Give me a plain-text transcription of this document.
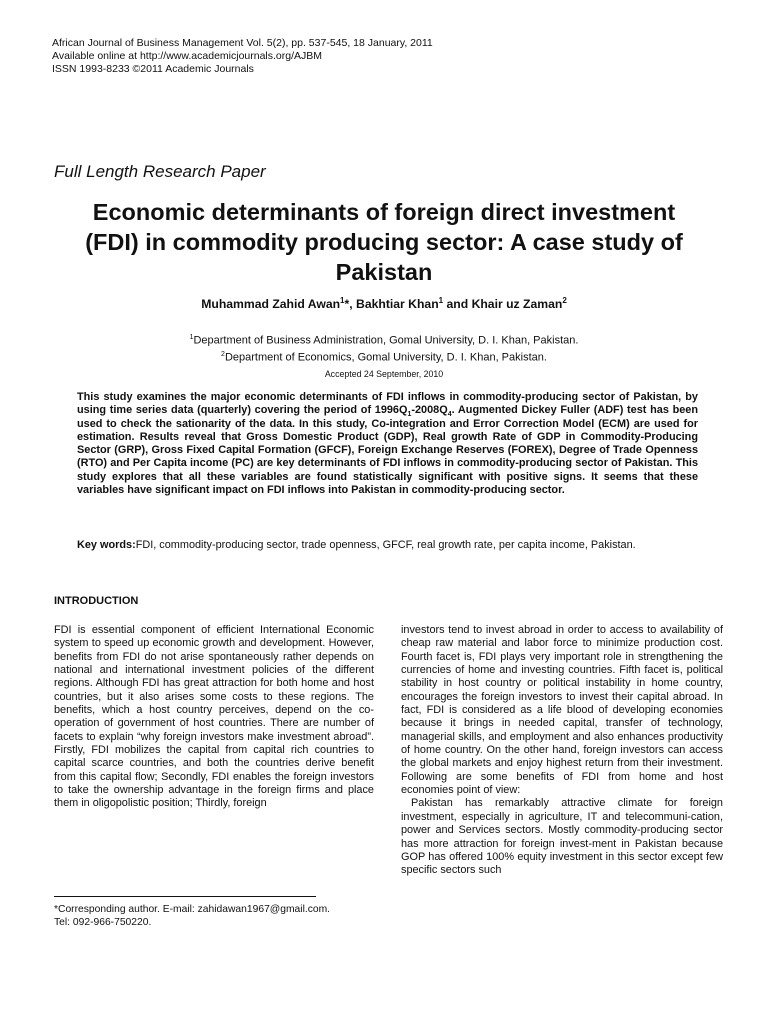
African Journal of Business Management Vol. 5(2), pp. 537-545, 18 January, 2011
Available online at http://www.academicjournals.org/AJBM
ISSN 1993-8233 ©2011 Academic Journals
Full Length Research Paper
Economic determinants of foreign direct investment
(FDI) in commodity producing sector: A case study of
Pakistan
Muhammad Zahid Awan$^1$*, Bakhtiar Khan$^1$ and Khair uz Zaman$^2$
$^1$Department of Business Administration, Gomal University, D. I. Khan, Pakistan.
$^2$Department of Economics, Gomal University, D. I. Khan, Pakistan.
Accepted 24 September, 2010
This study examines the major economic determinants of FDI inflows in commodity-producing sector of Pakistan, by using time series data (quarterly) covering the period of $1996Q_1-2008Q_4$. Augmented Dickey Fuller (ADF) test has been used to check the sationarity of the data. In this study, Co-integration and Error Correction Model (ECM) are used for estimation. Results reveal that Gross Domestic Product (GDP), Real growth Rate of GDP in Commodity-Producing Sector (GRP), Gross Fixed Capital Formation (GFCF), Foreign Exchange Reserves (FOREX), Degree of Trade Openness (RTO) and Per Capita income (PC) are key determinants of FDI inflows in commodity-producing sector of Pakistan. This study explores that all these variables are found statistically significant with positive signs. It seems that these variables have significant impact on FDI inflows into Pakistan in commodity-producing sector.
Key words:FDI, commodity-producing sector, trade openness, GFCF, real growth rate, per capita income, Pakistan.
INTRODUCTION

FDI is essential component of efficient International Economic system to speed up economic growth and development. However, benefits from FDI do not arise spontaneously rather depends on national and international investment policies of the different regions. Although FDI has great attraction for both home and host countries, but it also arises some costs to these regions. The benefits, which a host country perceives, depend on the co-operation of government of host countries. There are number of facets to explain “why foreign investors make investment abroad”. Firstly, FDI mobilizes the capital from capital rich countries to capital scarce countries, and both the countries derive benefit from this capital flow; Secondly, FDI enables the foreign investors to take the ownership advantage in the foreign firms and place them in oligopolistic position; Thirdly, foreign

*Corresponding author. E-mail: zahidawan1967@gmail.com.
Tel: 092-966-750220.

investors tend to invest abroad in order to access to availability of cheap raw material and labor force to minimize production cost. Fourth facet is, FDI plays very important role in strengthening the currencies of home and investing countries. Fifth facet is, political stability in host country or political instability in home country, encourages the foreign investors to invest their capital abroad. In fact, FDI is considered as a life blood of developing economies because it brings in needed capital, transfer of technology, managerial skills, and employment and also enhances productivity of home country. On the other hand, foreign investors can access the global markets and enjoy highest return from their investment. Following are some benefits of FDI from home and host economies point of view:

Pakistan has remarkably attractive climate for foreign investment, especially in agriculture, IT and telecommuni-cation, power and Services sectors. Mostly commodity-producing sector has more attraction for foreign invest-ment in Pakistan because GOP has offered 100% equity investment in this sector except few specific sectors such
